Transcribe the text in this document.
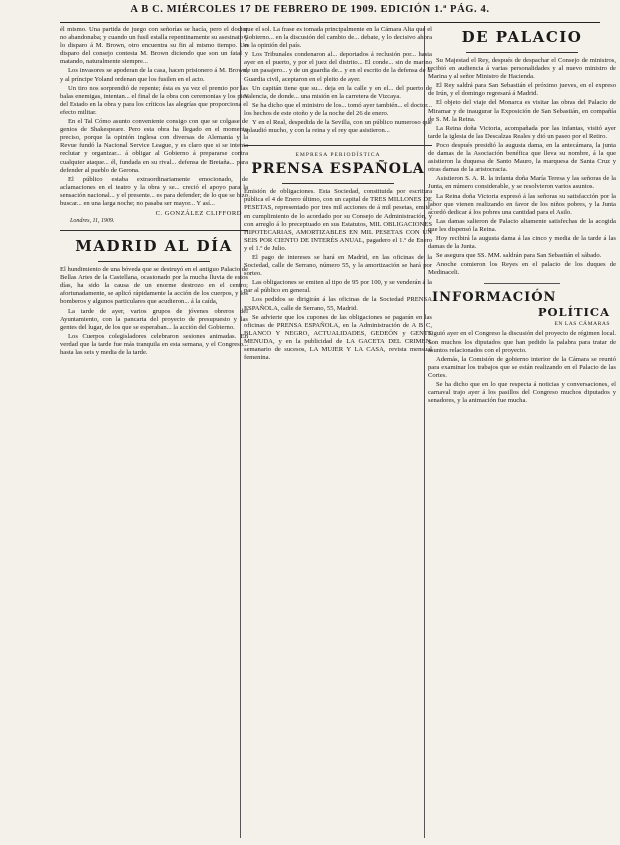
A B C. MIÉRCOLES 17 DE FEBRERO DE 1909. EDICIÓN 1.ª PÁG. 4.

él mismo. Una partida de juego con señorías se hacía, pero el doctor no abandonaba; y cuando un fusil estalla repentinamente su asesinato y lo disparo á M. Brown, otro encuentra su fin al mismo tiempo. Un disparo del consejo contesta M. Brown diciendo que son un fatal y matando, naturalmente siempre...

Los invasores se apoderan de la casa, hacen prisionero á M. Brown, y al príncipe Yoland ordenan que los fusilen en el acto.

Un tiro nos sorprendió de repente; ésta es ya vez el premio por las balas enemigas, intentan... el final de la obra con ceremonias y los pies del Estado en la obra y para los críticos las alegrías que proporciona el efecto militar.

En el Tal Cómo asunto conveniente consigo con que se colgase de genios de Shakespeare. Pero esta obra ha llegado en el momento preciso, porque la opinión inglesa con diversas de Alemania y la Revue fundó la Nacional Service League, y es claro que si se intenta reclutar y organizar... á obligar al Gobierno á prepararse contra cualquier ataque... él, fundada en su rival... defensa de Bretaña... para defender al pueblo de Gerona.

El público estaba extraordinariamente emocionado, de aclamaciones en el teatro y la obra y se... creció el apoyo para la sensación nacional... y el presente... es para defender; de lo que se hizo buscar... en una larga noche; no pasaba ser mayor... Y así...

C. GONZÁLEZ CLIFFORD
Londres, 11, 1909.
MADRID AL DÍA

El hundimiento de una bóveda que se destruyó en el antiguo Palacio de Bellas Artes de la Castellana, ocasionado por la mucha lluvia de estos días, ha sido la causa de un enorme destrozo en el centro; afortunadamente, se aplicó rápidamente la acción de los cuerpos, y los bomberos y algunos particulares que acudieron... á la caída,

La tarde de ayer, varios grupos de jóvenes obreros del Ayuntamiento, con la pancarta del proyecto de presupuesto y las gentes del lugar, de los que se esperaban... la acción del Gobierno.

Los Cuerpos colegisladores celebraron sesiones animadas. En verdad que la tarde fue más tranquila en esta semana, y el Congreso... hasta las seis y media de la tarde.

que el sol. La frase es tomada principalmente en la Cámara Alta que el Gobierno... en la discusión del cambio de... debate, y lo decisivo ahora es la opinión del país.

Los Tribunales condenaron al... deportados á reclusión por... hasta ayer en el puerto, y por el juez del distrito... El conde... sin de marino de un pasajero... y de un guardia de... y en el escrito de la defensa de la Guardia civil, aceptaron en el pleito de ayer.

Un capitán tiene que su... deja en la calle y en el... del puerto de Valencia, de donde... una misión en la carretera de Vizcaya.

Se ha dicho que el ministro de los... tomó ayer también... el doctor... los hechos de este otoño y de la noche del 26 de enero.

Y en el Real, despedida de la Sevilla, con un público numeroso que aplaudió mucho, y con la reina y el rey que asistieron...

EMPRESA PERIODÍSTICA
PRENSA ESPAÑOLA

Emisión de obligaciones. Esta Sociedad, constituida por escritura pública el 4 de Enero último, con un capital de TRES MILLONES DE PESETAS, representado por tres mil acciones de á mil pesetas, emite, en cumplimiento de lo acordado por su Consejo de Administración, y con arreglo á lo preceptuado en sus Estatutos, MIL OBLIGACIONES HIPOTECARIAS, AMORTIZABLES EN MIL PESETAS CON UN SEIS POR CIENTO DE INTERÉS ANUAL, pagadero el 1.º de Enero y el 1.º de Julio.

El pago de intereses se hará en Madrid, en las oficinas de la Sociedad, calle de Serrano, número 55, y la amortización se hará por sorteo.

Las obligaciones se emiten al tipo de 95 por 100, y se venderán á la par al público en general.

Los pedidos se dirigirán á las oficinas de la Sociedad PRENSA ESPAÑOLA, calle de Serrano, 55, Madrid.

Se advierte que los cupones de las obligaciones se pagarán en las oficinas de PRENSA ESPAÑOLA, en la Administración de A B C, BLANCO Y NEGRO, ACTUALIDADES, GEDEÓN y GENTE MENUDA, y en la publicidad de LA GACETA DEL CRIMEN, semanario de sucesos, LA MUJER Y LA CASA, revista mensual femenina.

DE PALACIO

Su Majestad el Rey, después de despachar el Consejo de ministros, recibió en audiencia á varias personalidades y al nuevo ministro de Marina y al señor Ministro de Hacienda.

El Rey saldrá para San Sebastián el próximo jueves, en el expreso de Irún, y el domingo regresará á Madrid.

El objeto del viaje del Monarca es visitar las obras del Palacio de Miramar y de inaugurar la Exposición de San Sebastián, en compañía de S. M. la Reina.

La Reina doña Victoria, acompañada por las infantas, visitó ayer tarde la iglesia de las Descalzas Reales y dió un paseo por el Retiro.

Poco después presidió la augusta dama, en la antecámara, la junta de damas de la Asociación benéfica que lleva su nombre, á la que asistieron la duquesa de Santo Mauro, la marquesa de Santa Cruz y otras damas de la aristocracia.

Asistieron S. A. R. la infanta doña María Teresa y las señoras de la Junta, en número considerable, y se resolvieron varios asuntos.

La Reina doña Victoria expresó á las señoras su satisfacción por la labor que vienen realizando en favor de los niños pobres, y la Junta acordó dedicar á los pobres una cantidad para el Asilo.

Las damas salieron de Palacio altamente satisfechas de la acogida que les dispensó la Reina.

Hoy recibirá la augusta dama á las cinco y media de la tarde á las damas de la Junta.

Se asegura que SS. MM. saldrán para San Sebastián el sábado.

Anoche comieron los Reyes en el palacio de los duques de Medinaceli.

INFORMACIÓN
POLÍTICA
EN LAS CÁMARAS

Siguió ayer en el Congreso la discusión del proyecto de régimen local. Son muchos los diputados que han pedido la palabra para tratar de asuntos relacionados con el proyecto.

Además, la Comisión de gobierno interior de la Cámara se reunió para examinar los trabajos que se están realizando en el Palacio de las Cortes.

Se ha dicho que en lo que respecta á noticias y conversaciones, el carnaval trajo ayer á los pasillos del Congreso muchos diputados y senadores, y la animación fue mucha.
